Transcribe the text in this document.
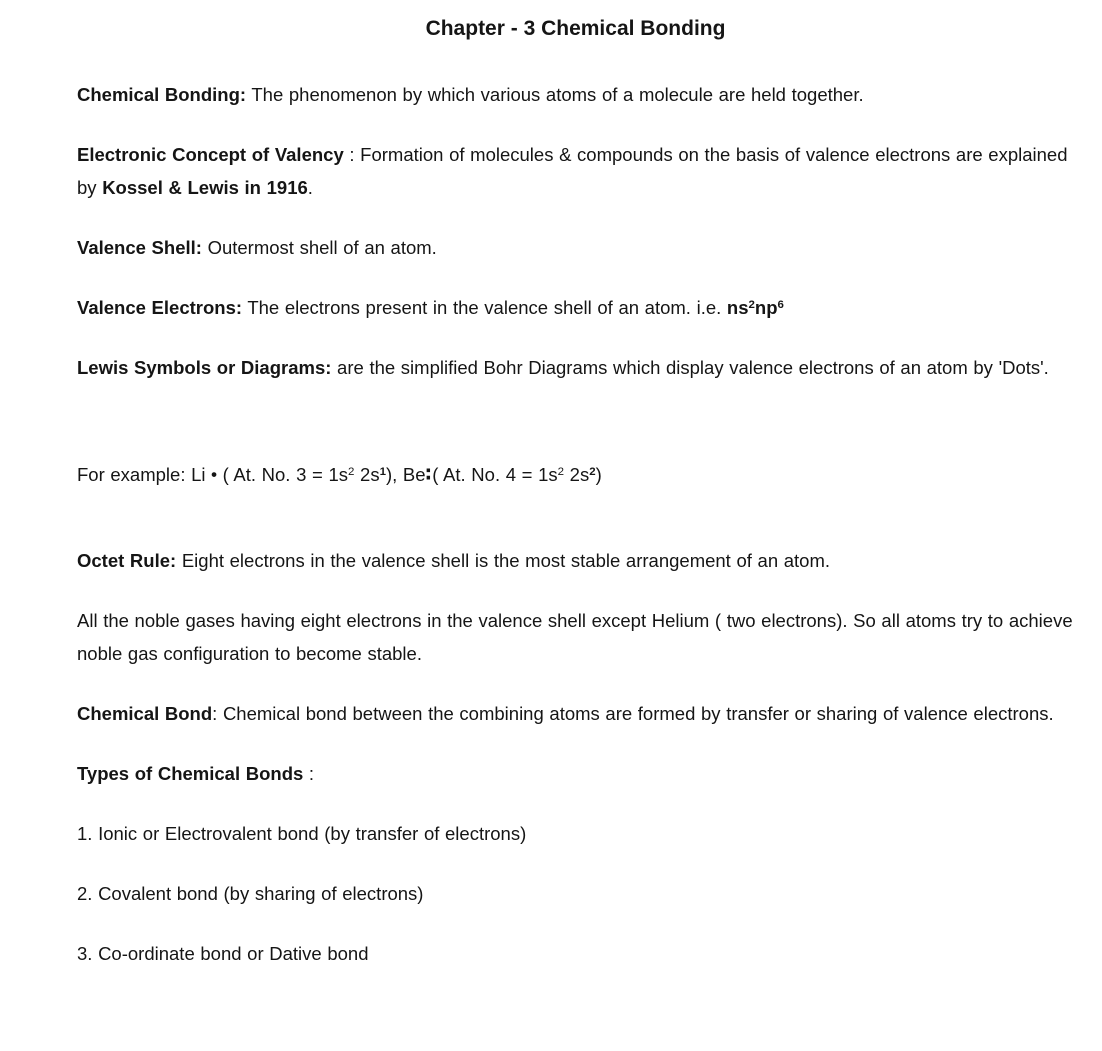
Chapter - 3 Chemical Bonding

Chemical Bonding: The phenomenon by which various atoms of a molecule are held together.

Electronic Concept of Valency : Formation of molecules & compounds on the basis of valence electrons are explained by Kossel & Lewis in 1916.

Valence Shell: Outermost shell of an atom.

Valence Electrons: The electrons present in the valence shell of an atom. i.e. $ns^2np^6$

Lewis Symbols or Diagrams: are the simplified Bohr Diagrams which display valence electrons of an atom by 'Dots'.

For example: Li • ( At. No. $3 = 1s^2$ $2s^1$), Be∶( At. No. $4 = 1s^2$ $2s^2$)

Octet Rule: Eight electrons in the valence shell is the most stable arrangement of an atom.

All the noble gases having eight electrons in the valence shell except Helium ( two electrons). So all atoms try to achieve noble gas configuration to become stable.

Chemical Bond: Chemical bond between the combining atoms are formed by transfer or sharing of valence electrons.

Types of Chemical Bonds :

1. Ionic or Electrovalent bond (by transfer of electrons)

2. Covalent bond (by sharing of electrons)

3. Co-ordinate bond or Dative bond
